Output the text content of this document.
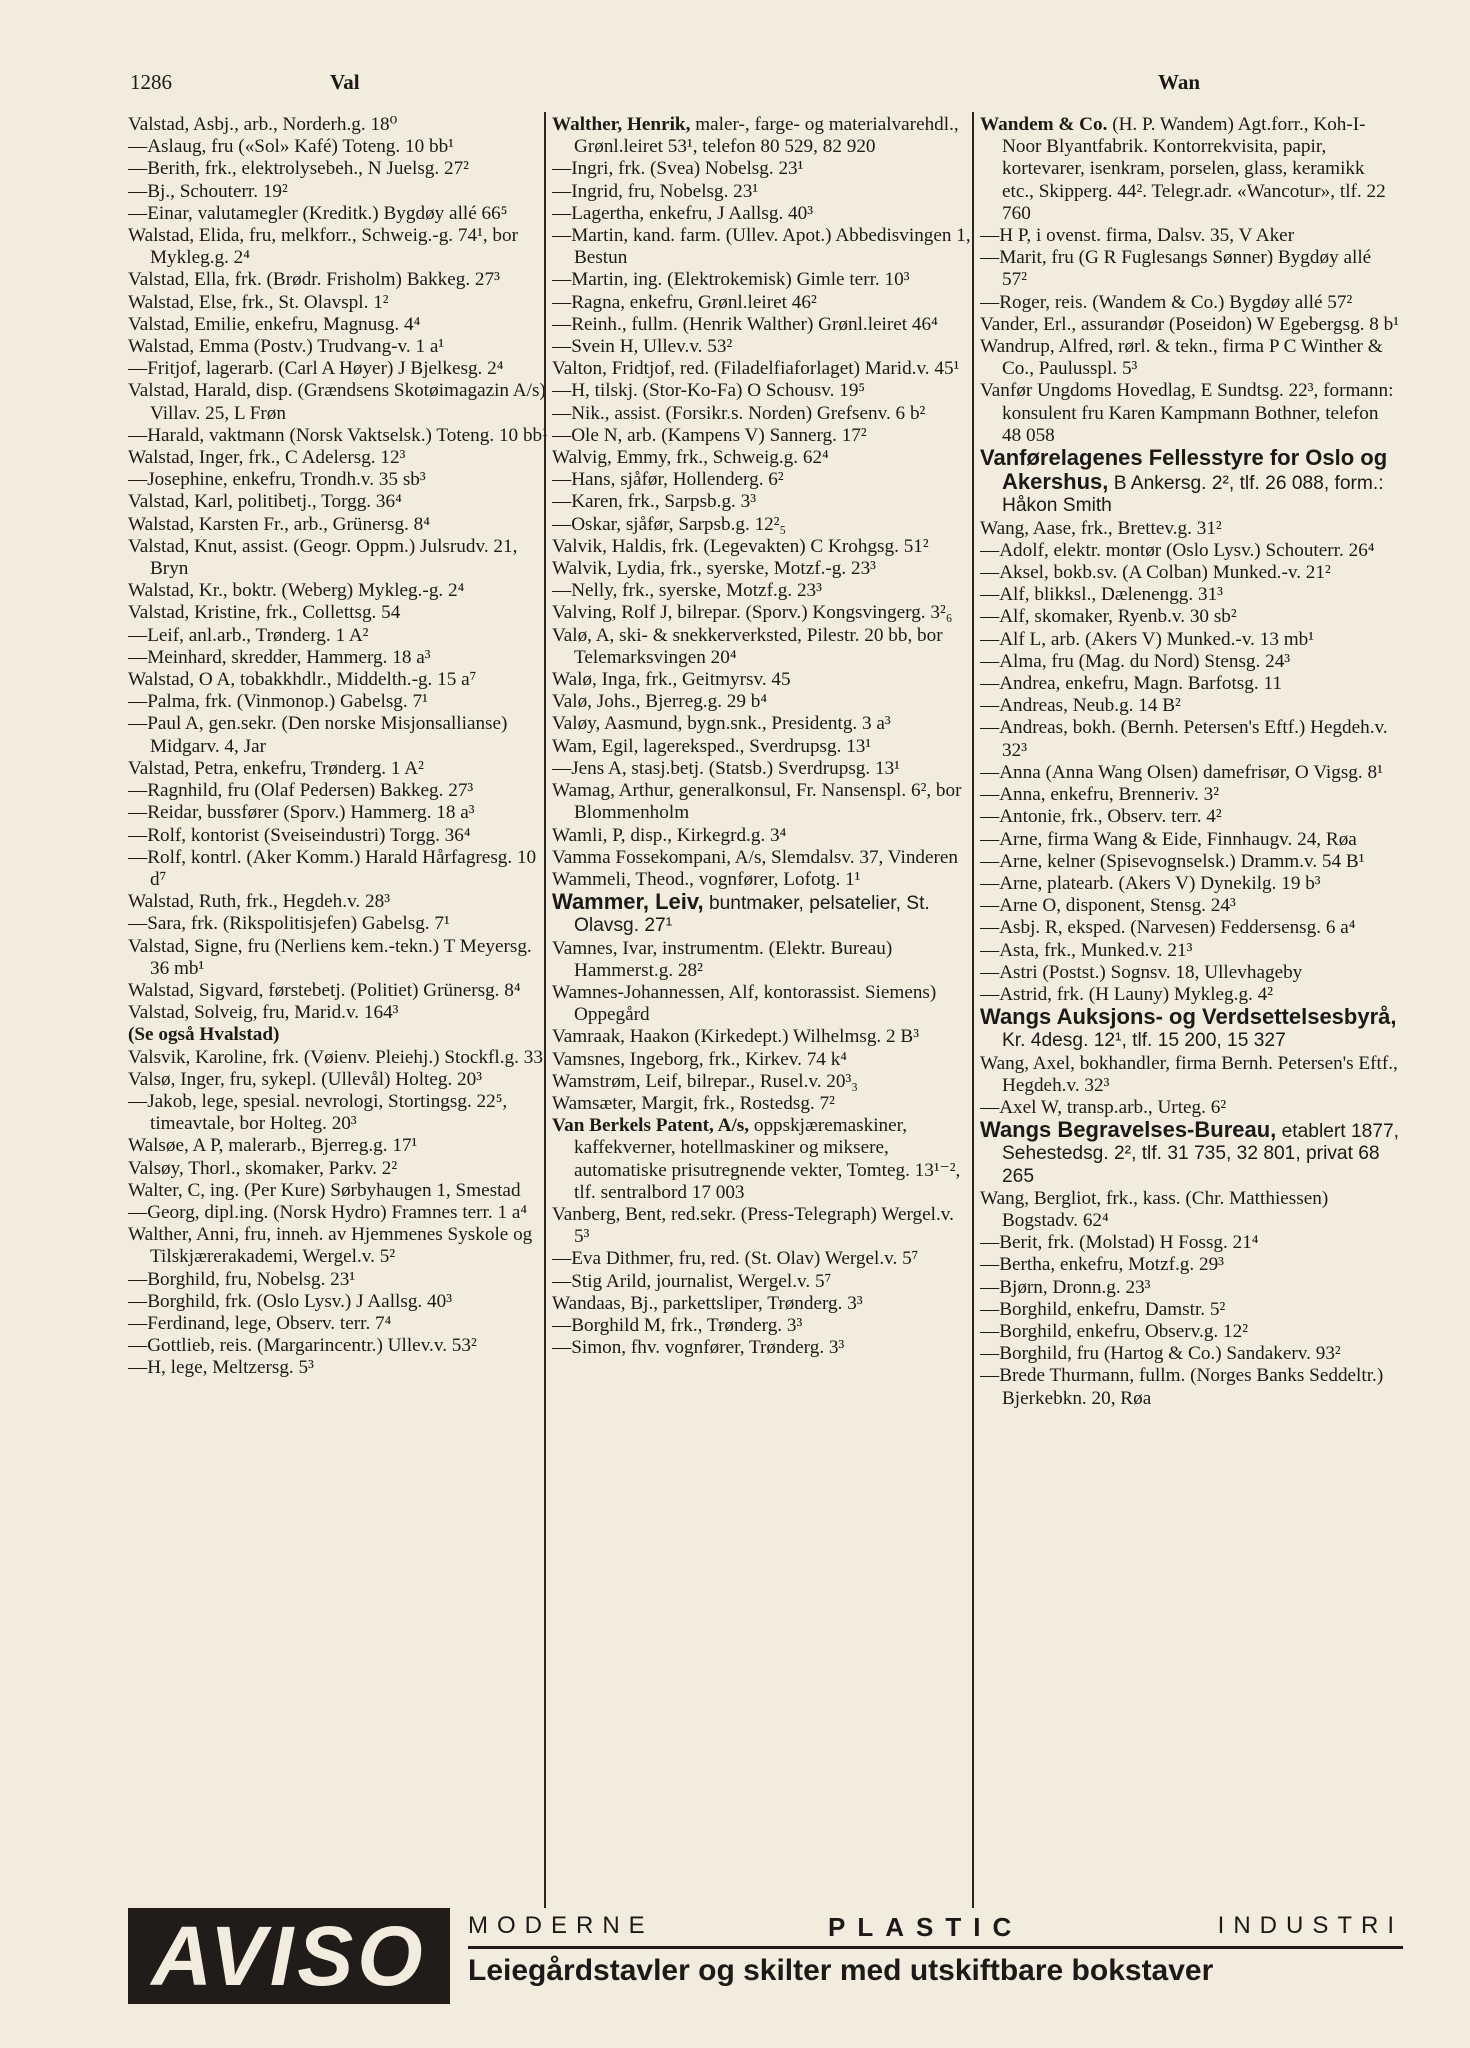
1286	Val	Wan
Valstad, Asbj., arb., Norderh.g. 18⁰
—Aslaug, fru («Sol» Kafé) Toteng. 10 bb¹
—Berith, frk., elektrolysebeh., N Juelsg. 27²
—Bj., Schouterr. 19²
—Einar, valutamegler (Kreditk.) Bygdøy allé 66⁵
Walstad, Elida, fru, melkforr., Schweig.-g. 74¹, bor Mykleg.g. 2⁴
Valstad, Ella, frk. (Brødr. Frisholm) Bakkeg. 27³
Walstad, Else, frk., St. Olavspl. 1²
Valstad, Emilie, enkefru, Magnusg. 4⁴
Walstad, Emma (Postv.) Trudvang-v. 1 a¹
—Fritjof, lagerarb. (Carl A Høyer) J Bjelkesg. 2⁴
Valstad, Harald, disp. (Grændsens Skotøimagazin A/s) Villav. 25, L Frøn
—Harald, vaktmann (Norsk Vaktselsk.) Toteng. 10 bb¹
Walstad, Inger, frk., C Adelersg. 12³
—Josephine, enkefru, Trondh.v. 35 sb³
Valstad, Karl, politibetj., Torgg. 36⁴
Walstad, Karsten Fr., arb., Grünersg. 8⁴
Valstad, Knut, assist. (Geogr. Oppm.) Julsrudv. 21, Bryn
Walstad, Kr., boktr. (Weberg) Mykleg.-g. 2⁴
Valstad, Kristine, frk., Collettsg. 54
—Leif, anl.arb., Trønderg. 1 A²
—Meinhard, skredder, Hammerg. 18 a³
Walstad, O A, tobakkhdlr., Middelth.-g. 15 a⁷
—Palma, frk. (Vinmonop.) Gabelsg. 7¹
—Paul A, gen.sekr. (Den norske Misjonsallianse) Midgarv. 4, Jar
Valstad, Petra, enkefru, Trønderg. 1 A²
—Ragnhild, fru (Olaf Pedersen) Bakkeg. 27³
—Reidar, bussfører (Sporv.) Hammerg. 18 a³
—Rolf, kontorist (Sveiseindustri) Torgg. 36⁴
—Rolf, kontrl. (Aker Komm.) Harald Hårfagresg. 10 d⁷
Walstad, Ruth, frk., Hegdeh.v. 28³
—Sara, frk. (Rikspolitisjefen) Gabelsg. 7¹
Valstad, Signe, fru (Nerliens kem.-tekn.) T Meyersg. 36 mb¹
Walstad, Sigvard, førstebetj. (Politiet) Grünersg. 8⁴
Valstad, Solveig, fru, Marid.v. 164³
(Se også Hvalstad)
Valsvik, Karoline, frk. (Vøienv. Pleiehj.) Stockfl.g. 33
Valsø, Inger, fru, sykepl. (Ullevål) Holteg. 20³
—Jakob, lege, spesial. nevrologi, Stortingsg. 22⁵, timeavtale, bor Holteg. 20³
Walsøe, A P, malerarb., Bjerreg.g. 17¹
Valsøy, Thorl., skomaker, Parkv. 2²
Walter, C, ing. (Per Kure) Sørbyhaugen 1, Smestad
—Georg, dipl.ing. (Norsk Hydro) Framnes terr. 1 a⁴
Walther, Anni, fru, inneh. av Hjemmenes Syskole og Tilskjærerakademi, Wergel.v. 5²
—Borghild, fru, Nobelsg. 23¹
—Borghild, frk. (Oslo Lysv.) J Aallsg. 40³
—Ferdinand, lege, Observ. terr. 7⁴
—Gottlieb, reis. (Margarincentr.) Ullev.v. 53²
—H, lege, Meltzersg. 5³
Walther, Henrik, maler-, farge- og materialvarehdl., Grønl.leiret 53¹, telefon 80 529, 82 920
—Ingri, frk. (Svea) Nobelsg. 23¹
—Ingrid, fru, Nobelsg. 23¹
—Lagertha, enkefru, J Aallsg. 40³
—Martin, kand. farm. (Ullev. Apot.) Abbedisvingen 1, Bestun
—Martin, ing. (Elektrokemisk) Gimle terr. 10³
—Ragna, enkefru, Grønl.leiret 46²
—Reinh., fullm. (Henrik Walther) Grønl.leiret 46⁴
—Svein H, Ullev.v. 53²
Valton, Fridtjof, red. (Filadelfiaforlaget) Marid.v. 45¹
—H, tilskj. (Stor-Ko-Fa) O Schousv. 19⁵
—Nik., assist. (Forsikr.s. Norden) Grefsenv. 6 b²
—Ole N, arb. (Kampens V) Sannerg. 17²
Walvig, Emmy, frk., Schweig.g. 62⁴
—Hans, sjåfør, Hollenderg. 6²
—Karen, frk., Sarpsb.g. 3³
—Oskar, sjåfør, Sarpsb.g. 12²₅
Valvik, Haldis, frk. (Legevakten) C Krohgsg. 51²
Walvik, Lydia, frk., syerske, Motzf.-g. 23³
—Nelly, frk., syerske, Motzf.g. 23³
Valving, Rolf J, bilrepar. (Sporv.) Kongsvingerg. 3²₆
Valø, A, ski- & snekkerverksted, Pilestr. 20 bb, bor Telemarksvingen 20⁴
Walø, Inga, frk., Geitmyrsv. 45
Valø, Johs., Bjerreg.g. 29 b⁴
Valøy, Aasmund, bygn.snk., Presidentg. 3 a³
Wam, Egil, lagereksped., Sverdrupsg. 13¹
—Jens A, stasj.betj. (Statsb.) Sverdrupsg. 13¹
Wamag, Arthur, generalkonsul, Fr. Nansenspl. 6², bor Blommenholm
Wamli, P, disp., Kirkegrd.g. 3⁴
Vamma Fossekompani, A/s, Slemdalsv. 37, Vinderen
Wammeli, Theod., vognfører, Lofotg. 1¹
Wammer, Leiv, buntmaker, pelsatelier, St. Olavsg. 27¹
Vamnes, Ivar, instrumentm. (Elektr. Bureau) Hammerst.g. 28²
Wamnes-Johannessen, Alf, kontorassist. Siemens) Oppegård
Vamraak, Haakon (Kirkedept.) Wilhelmsg. 2 B³
Vamsnes, Ingeborg, frk., Kirkev. 74 k⁴
Wamstrøm, Leif, bilrepar., Rusel.v. 20³₃
Wamsæter, Margit, frk., Rostedsg. 7²
Van Berkels Patent, A/s, oppskjæremaskiner, kaffekverner, hotellmaskiner og miksere, automatiske prisutregnende vekter, Tomteg. 13¹⁻², tlf. sentralbord 17 003
Vanberg, Bent, red.sekr. (Press-Telegraph) Wergel.v. 5³
—Eva Dithmer, fru, red. (St. Olav) Wergel.v. 5⁷
—Stig Arild, journalist, Wergel.v. 5⁷
Wandaas, Bj., parkettsliper, Trønderg. 3³
—Borghild M, frk., Trønderg. 3³
—Simon, fhv. vognfører, Trønderg. 3³
Wandem & Co. (H. P. Wandem) Agt.forr., Koh-I-Noor Blyantfabrik. Kontorrekvisita, papir, kortevarer, isenkram, porselen, glass, keramikk etc., Skipperg. 44². Telegr.adr. «Wancotur», tlf. 22 760
—H P, i ovenst. firma, Dalsv. 35, V Aker
—Marit, fru (G R Fuglesangs Sønner) Bygdøy allé 57²
—Roger, reis. (Wandem & Co.) Bygdøy allé 57²
Vander, Erl., assurandør (Poseidon) W Egebergsg. 8 b¹
Wandrup, Alfred, rørl. & tekn., firma P C Winther & Co., Paulusspl. 5³
Vanfør Ungdoms Hovedlag, E Sundtsg. 22³, formann: konsulent fru Karen Kampmann Bothner, telefon 48 058
Vanførelagenes Fellesstyre for Oslo og Akershus, B Ankersg. 2², tlf. 26 088, form.: Håkon Smith
Wang, Aase, frk., Brettev.g. 31²
—Adolf, elektr. montør (Oslo Lysv.) Schouterr. 26⁴
—Aksel, bokb.sv. (A Colban) Munked.-v. 21²
—Alf, blikksl., Dælenengg. 31³
—Alf, skomaker, Ryenb.v. 30 sb²
—Alf L, arb. (Akers V) Munked.-v. 13 mb¹
—Alma, fru (Mag. du Nord) Stensg. 24³
—Andrea, enkefru, Magn. Barfotsg. 11
—Andreas, Neub.g. 14 B²
—Andreas, bokh. (Bernh. Petersen's Eftf.) Hegdeh.v. 32³
—Anna (Anna Wang Olsen) damefrisør, O Vigsg. 8¹
—Anna, enkefru, Brenneriv. 3²
—Antonie, frk., Observ. terr. 4²
—Arne, firma Wang & Eide, Finnhaugv. 24, Røa
—Arne, kelner (Spisevognselsk.) Dramm.v. 54 B¹
—Arne, platearb. (Akers V) Dynekilg. 19 b³
—Arne O, disponent, Stensg. 24³
—Asbj. R, eksped. (Narvesen) Feddersensg. 6 a⁴
—Asta, frk., Munked.v. 21³
—Astri (Postst.) Sognsv. 18, Ullevhageby
—Astrid, frk. (H Launy) Mykleg.g. 4²
Wangs Auksjons- og Verdsettelsesbyrå, Kr. 4desg. 12¹, tlf. 15 200, 15 327
Wang, Axel, bokhandler, firma Bernh. Petersen's Eftf., Hegdeh.v. 32³
—Axel W, transp.arb., Urteg. 6²
Wangs Begravelses-Bureau, etablert 1877, Sehestedsg. 2², tlf. 31 735, 32 801, privat 68 265
Wang, Bergliot, frk., kass. (Chr. Matthiessen) Bogstadv. 62⁴
—Berit, frk. (Molstad) H Fossg. 21⁴
—Bertha, enkefru, Motzf.g. 29³
—Bjørn, Dronn.g. 23³
—Borghild, enkefru, Damstr. 5²
—Borghild, enkefru, Observ.g. 12²
—Borghild, fru (Hartog & Co.) Sandakerv. 93²
—Brede Thurmann, fullm. (Norges Banks Seddeltr.) Bjerkebkn. 20, Røa
AVISO	MODERNE	PLASTIC	INDUSTRI
Leiegårdstavler og skilter med utskiftbare bokstaver
